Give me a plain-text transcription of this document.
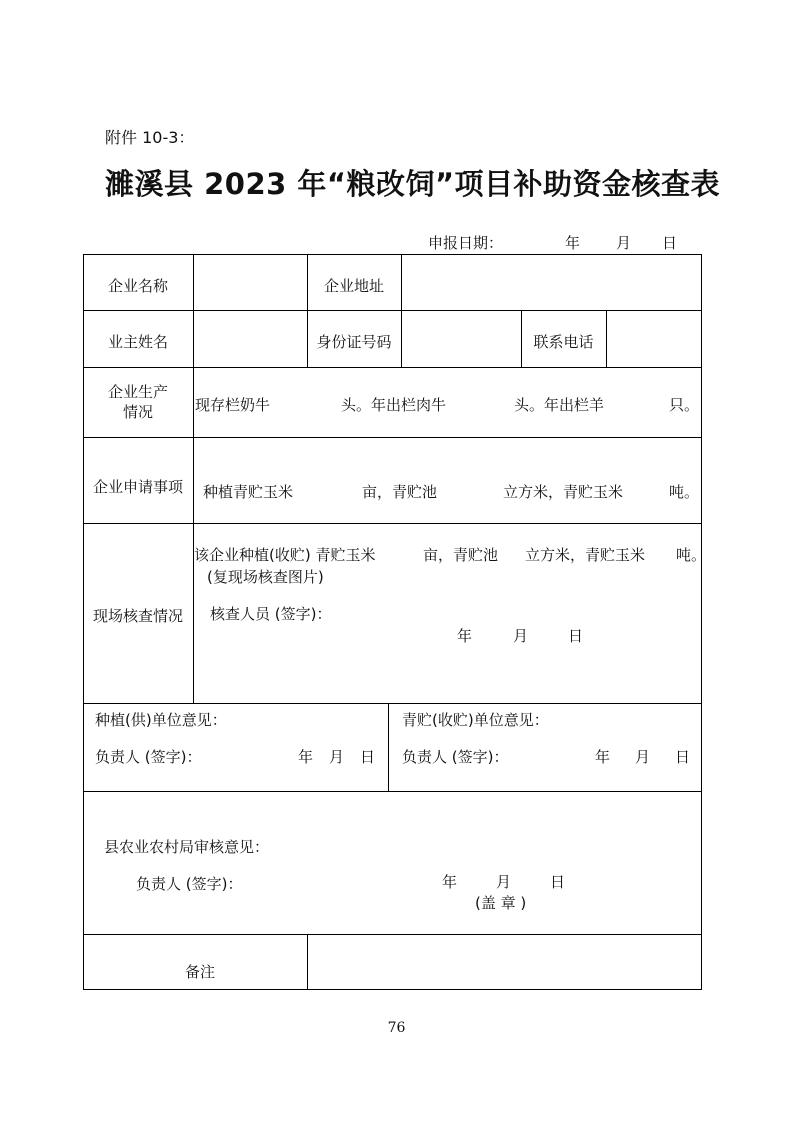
附件 10-3：
濉溪县 2023 年“粮改饲”项目补助资金核查表
申报日期：	年 月 日
企业名称	企业地址
业主姓名	身份证号码	联系电话
企业生产
情况	现存栏奶牛	头。年出栏肉牛	头。年出栏羊	只。
企业申请事项	种植青贮玉米	亩，青贮池	立方米，青贮玉米	吨。
现场核查情况
该企业种植(收贮) 青贮玉米	亩，青贮池 立方米，青贮玉米 吨。
(复现场核查图片)
核查人员 (签字)：
年	月	日
种植(供)单位意见：
负责人 (签字)：	年 月 日
青贮(收贮)单位意见：
负责人 (签字)：	年 月 日
县农业农村局审核意见：
负责人 (签字)：	年	月	日
(盖 章 )
备注
76
